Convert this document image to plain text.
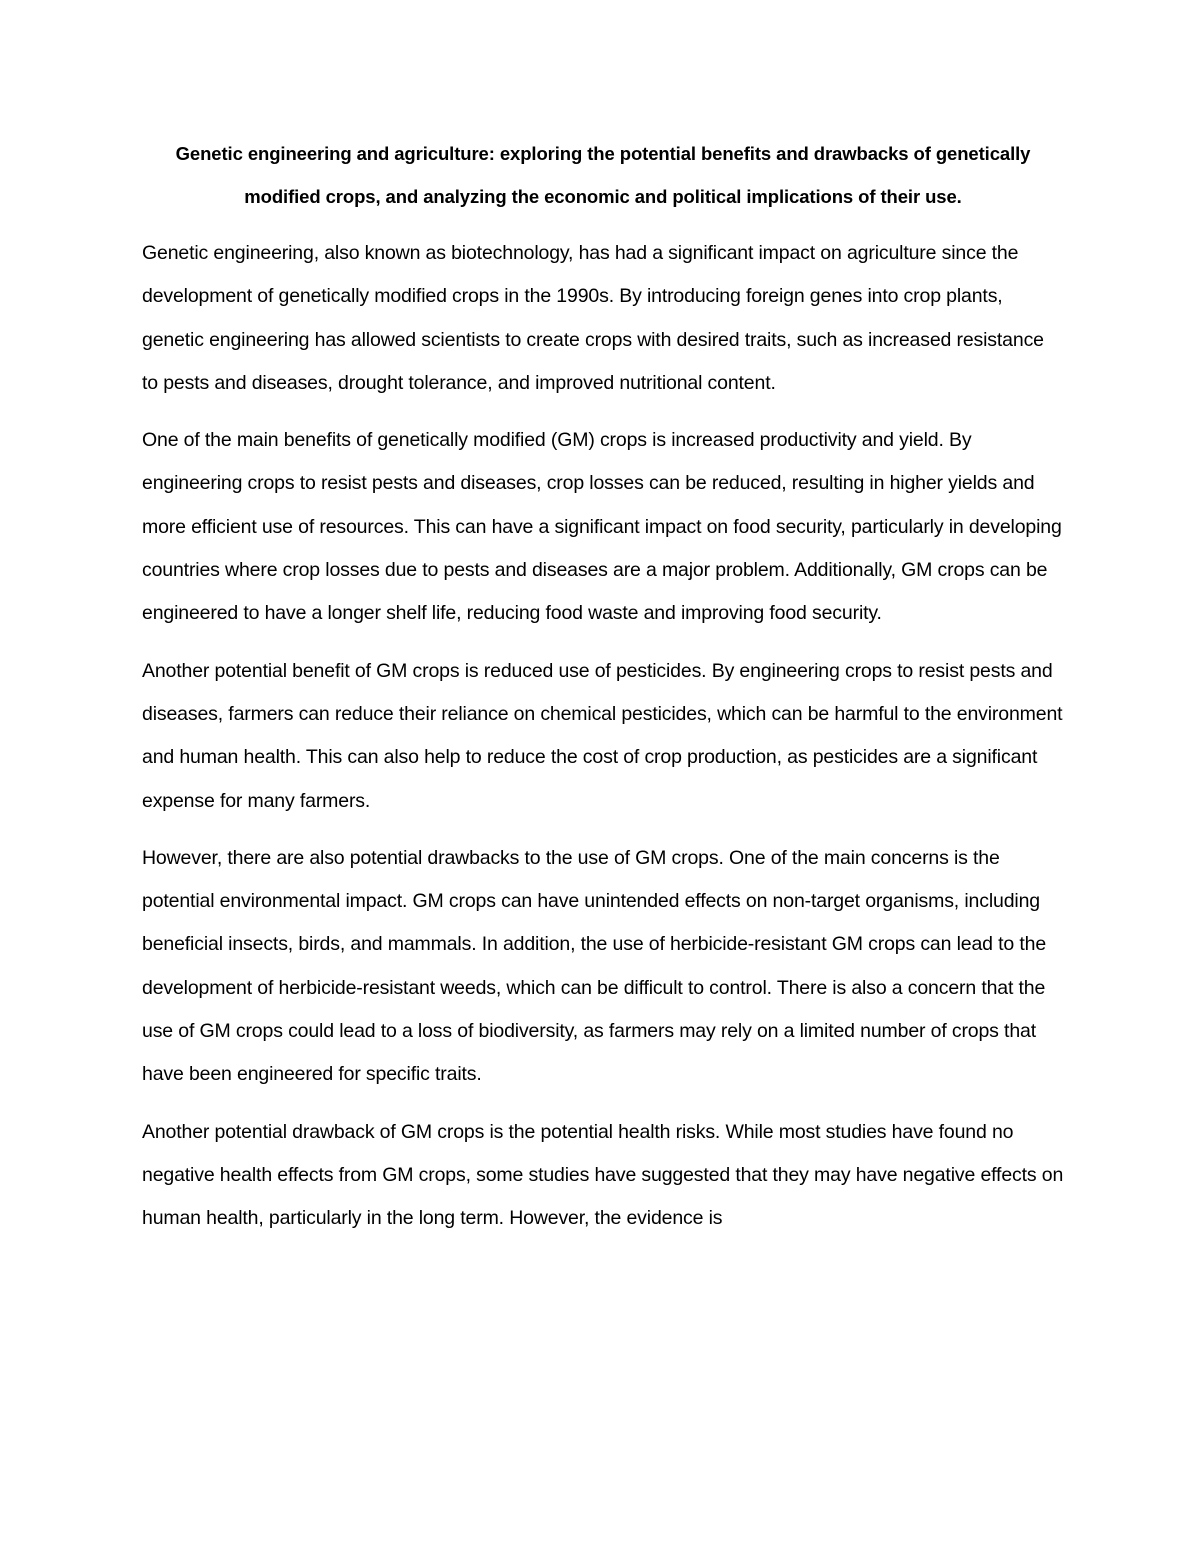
Genetic engineering and agriculture: exploring the potential benefits and drawbacks of genetically modified crops, and analyzing the economic and political implications of their use.

Genetic engineering, also known as biotechnology, has had a significant impact on agriculture since the development of genetically modified crops in the 1990s. By introducing foreign genes into crop plants, genetic engineering has allowed scientists to create crops with desired traits, such as increased resistance to pests and diseases, drought tolerance, and improved nutritional content.

One of the main benefits of genetically modified (GM) crops is increased productivity and yield. By engineering crops to resist pests and diseases, crop losses can be reduced, resulting in higher yields and more efficient use of resources. This can have a significant impact on food security, particularly in developing countries where crop losses due to pests and diseases are a major problem. Additionally, GM crops can be engineered to have a longer shelf life, reducing food waste and improving food security.

Another potential benefit of GM crops is reduced use of pesticides. By engineering crops to resist pests and diseases, farmers can reduce their reliance on chemical pesticides, which can be harmful to the environment and human health. This can also help to reduce the cost of crop production, as pesticides are a significant expense for many farmers.

However, there are also potential drawbacks to the use of GM crops. One of the main concerns is the potential environmental impact. GM crops can have unintended effects on non-target organisms, including beneficial insects, birds, and mammals. In addition, the use of herbicide-resistant GM crops can lead to the development of herbicide-resistant weeds, which can be difficult to control. There is also a concern that the use of GM crops could lead to a loss of biodiversity, as farmers may rely on a limited number of crops that have been engineered for specific traits.

Another potential drawback of GM crops is the potential health risks. While most studies have found no negative health effects from GM crops, some studies have suggested that they may have negative effects on human health, particularly in the long term. However, the evidence is
